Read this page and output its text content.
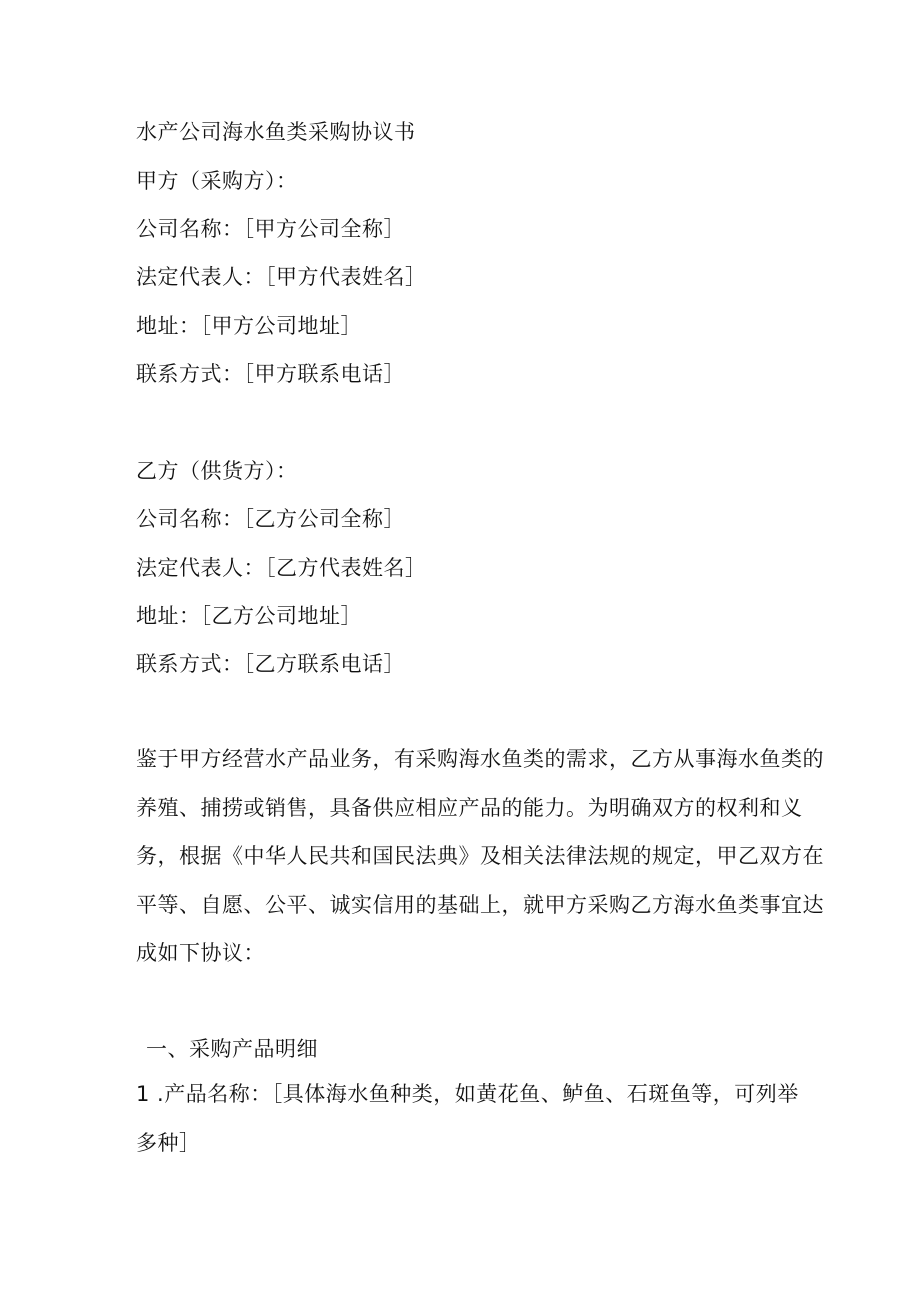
水产公司海水鱼类采购协议书
甲方（采购方）：
公司名称：［甲方公司全称］
法定代表人：［甲方代表姓名］
地址：［甲方公司地址］
联系方式：［甲方联系电话］
乙方（供货方）：
公司名称：［乙方公司全称］
法定代表人：［乙方代表姓名］
地址：［乙方公司地址］
联系方式：［乙方联系电话］
鉴于甲方经营水产品业务，有采购海水鱼类的需求，乙方从事海水鱼类的
养殖、捕捞或销售，具备供应相应产品的能力。为明确双方的权利和义
务，根据《中华人民共和国民法典》及相关法律法规的规定，甲乙双方在
平等、自愿、公平、诚实信用的基础上，就甲方采购乙方海水鱼类事宜达
成如下协议：
一、采购产品明细
1 .产品名称：［具体海水鱼种类，如黄花鱼、鲈鱼、石斑鱼等，可列举
多种］
